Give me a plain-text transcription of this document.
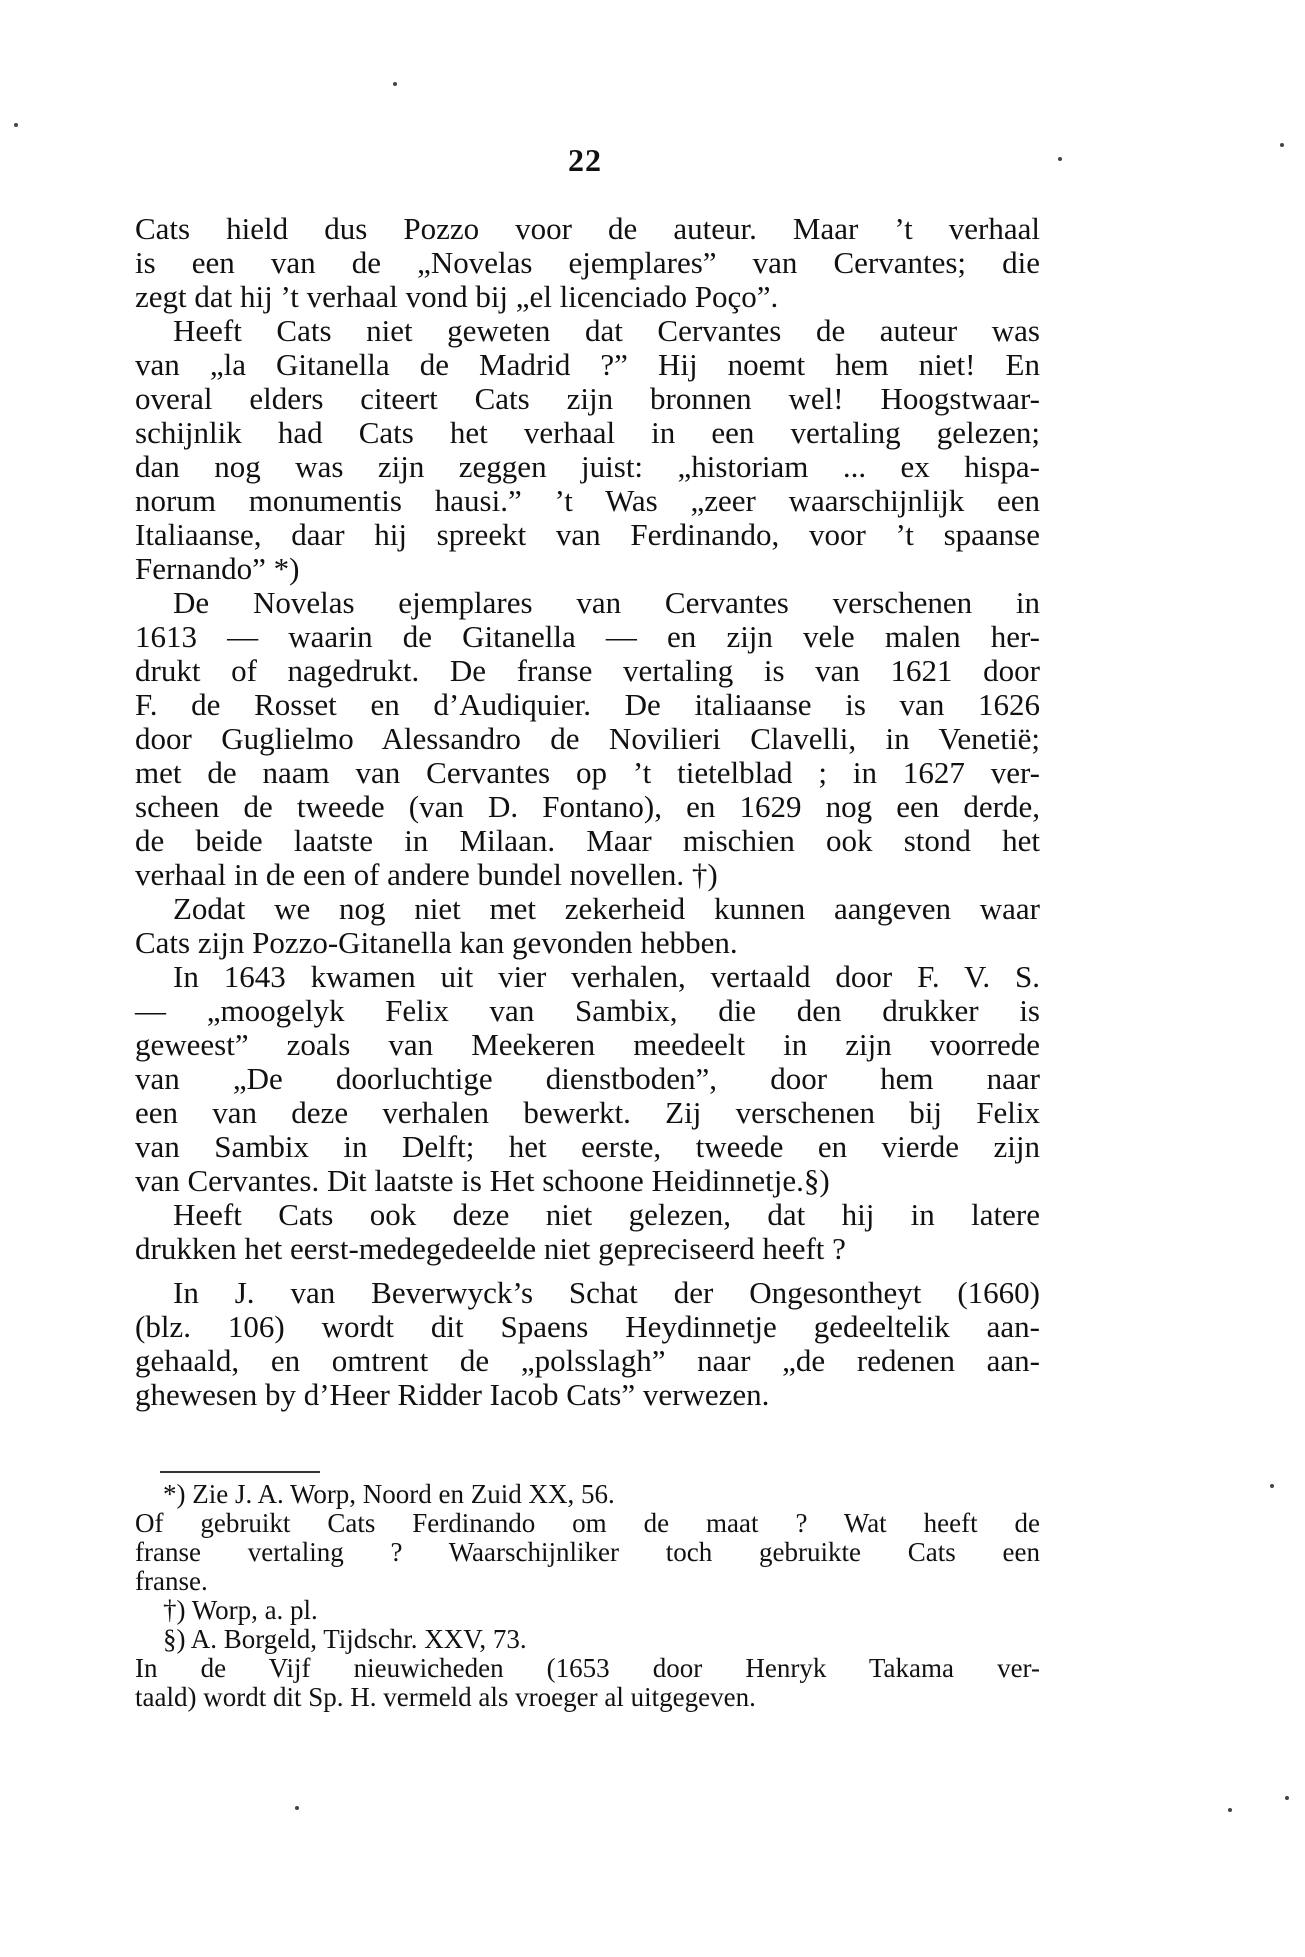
22
Cats hield dus Pozzo voor de auteur. Maar ’t verhaal
is een van de „Novelas ejemplares” van Cervantes; die
zegt dat hij ’t verhaal vond bij „el licenciado Poço”.
Heeft Cats niet geweten dat Cervantes de auteur was
van „la Gitanella de Madrid ?” Hij noemt hem niet! En
overal elders citeert Cats zijn bronnen wel! Hoogstwaar-
schijnlik had Cats het verhaal in een vertaling gelezen;
dan nog was zijn zeggen juist: „historiam ... ex hispa-
norum monumentis hausi.” ’t Was „zeer waarschijnlijk een
Italiaanse, daar hij spreekt van Ferdinando, voor ’t spaanse
Fernando” *)
De Novelas ejemplares van Cervantes verschenen in
1613 — waarin de Gitanella — en zijn vele malen her-
drukt of nagedrukt. De franse vertaling is van 1621 door
F. de Rosset en d’Audiquier. De italiaanse is van 1626
door Guglielmo Alessandro de Novilieri Clavelli, in Venetië;
met de naam van Cervantes op ’t tietelblad ; in 1627 ver-
scheen de tweede (van D. Fontano), en 1629 nog een derde,
de beide laatste in Milaan. Maar mischien ook stond het
verhaal in de een of andere bundel novellen. †)
Zodat we nog niet met zekerheid kunnen aangeven waar
Cats zijn Pozzo-Gitanella kan gevonden hebben.
In 1643 kwamen uit vier verhalen, vertaald door F. V. S.
— „moogelyk Felix van Sambix, die den drukker is
geweest” zoals van Meekeren meedeelt in zijn voorrede
van „De doorluchtige dienstboden”, door hem naar
een van deze verhalen bewerkt. Zij verschenen bij Felix
van Sambix in Delft; het eerste, tweede en vierde zijn
van Cervantes. Dit laatste is Het schoone Heidinnetje.§)
Heeft Cats ook deze niet gelezen, dat hij in latere
drukken het eerst-medegedeelde niet gepreciseerd heeft ?
In J. van Beverwyck’s Schat der Ongesontheyt (1660)
(blz. 106) wordt dit Spaens Heydinnetje gedeeltelik aan-
gehaald, en omtrent de „polsslagh” naar „de redenen aan-
ghewesen by d’Heer Ridder Iacob Cats” verwezen.
*) Zie J. A. Worp, Noord en Zuid XX, 56.
Of gebruikt Cats Ferdinando om de maat ? Wat heeft de
franse vertaling ? Waarschijnliker toch gebruikte Cats een
franse.
†) Worp, a. pl.
§) A. Borgeld, Tijdschr. XXV, 73.
In de Vijf nieuwicheden (1653 door Henryk Takama ver-
taald) wordt dit Sp. H. vermeld als vroeger al uitgegeven.
